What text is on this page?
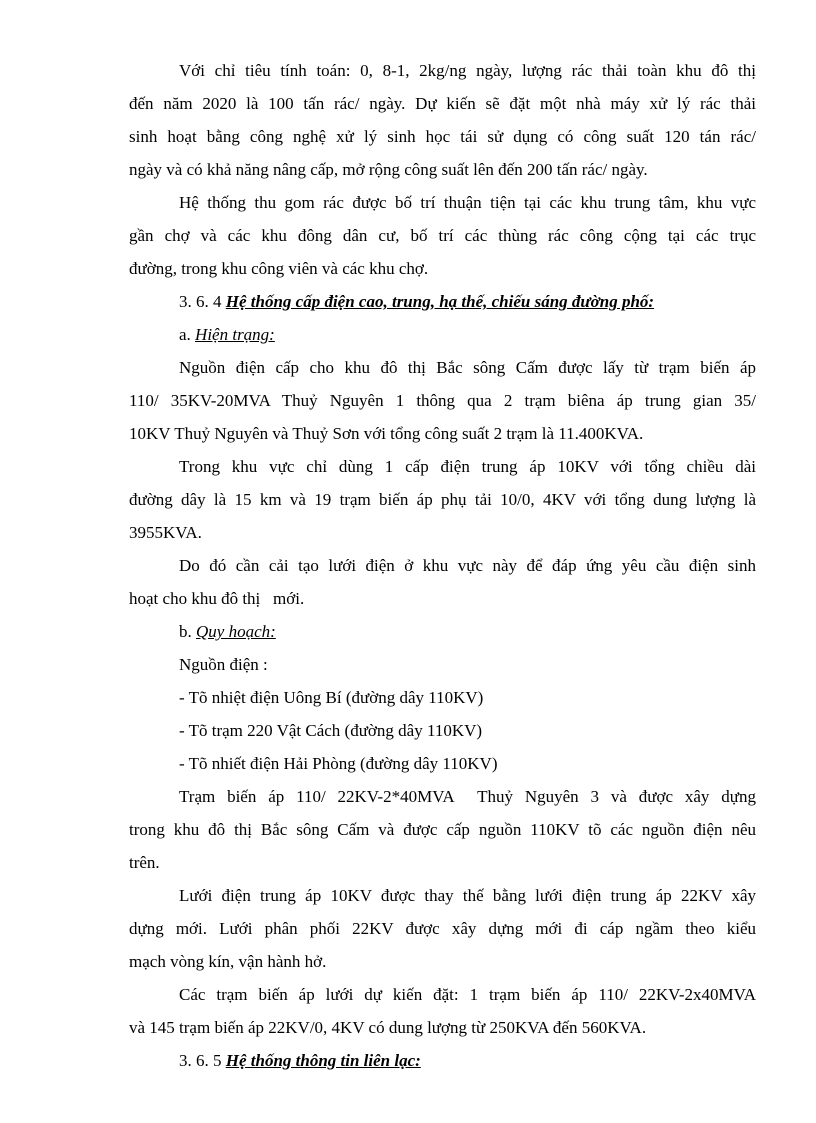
Với chỉ tiêu tính toán: 0, 8-1, 2kg/ng ngày, lượng rác thải toàn khu đô thị
đến năm 2020 là 100 tấn rác/ ngày. Dự kiến sẽ đặt một nhà máy xử lý rác thải
sinh hoạt bằng công nghệ xử lý sinh học tái sử dụng có công suất 120 tán rác/
ngày và có khả năng nâng cấp, mở rộng công suất lên đến 200 tấn rác/ ngày.
Hệ thống thu gom rác được bố trí thuận tiện tại các khu trung tâm, khu vực
gần chợ và các khu đông dân cư, bố trí các thùng rác công cộng tại các trục
đường, trong khu công viên và các khu chợ.
3. 6. 4 Hệ thống cấp điện cao, trung, hạ thế, chiếu sáng đường phố:
a. Hiện trạng:
Nguồn điện cấp cho khu đô thị Bắc sông Cấm được lấy từ trạm biến áp
110/ 35KV-20MVA Thuỷ Nguyên 1 thông qua 2 trạm biêna áp trung gian 35/
10KV Thuỷ Nguyên và Thuỷ Sơn với tổng công suất 2 trạm là 11.400KVA.
Trong khu vực chỉ dùng 1 cấp điện trung áp 10KV với tổng chiều dài
đường dây là 15 km và 19 trạm biến áp phụ tải 10/0, 4KV với tổng dung lượng là
3955KVA.
Do đó cần cải tạo lưới điện ở khu vực này để đáp ứng yêu cầu điện sinh
hoạt cho khu đô thị   mới.
b. Quy hoạch:
Nguồn điện :
- Tõ nhiệt điện Uông Bí (đường dây 110KV)
- Tõ trạm 220 Vật Cách (đường dây 110KV)
- Tõ nhiết điện Hải Phòng (đường dây 110KV)
Trạm biến áp 110/ 22KV-2*40MVA  Thuỷ Nguyên 3 và được xây dựng
trong khu đô thị Bắc sông Cấm và được cấp nguồn 110KV tõ các nguồn điện nêu
trên.
Lưới điện trung áp 10KV được thay thế bằng lưới điện trung áp 22KV xây
dựng mới. Lưới phân phối 22KV được xây dựng mới đi cáp ngầm theo kiểu
mạch vòng kín, vận hành hở.
Các trạm biến áp lưới dự kiến đặt: 1 trạm biến áp 110/ 22KV-2x40MVA
và 145 trạm biến áp 22KV/0, 4KV có dung lượng từ 250KVA đến 560KVA.
3. 6. 5 Hệ thống thông tin liên lạc:
